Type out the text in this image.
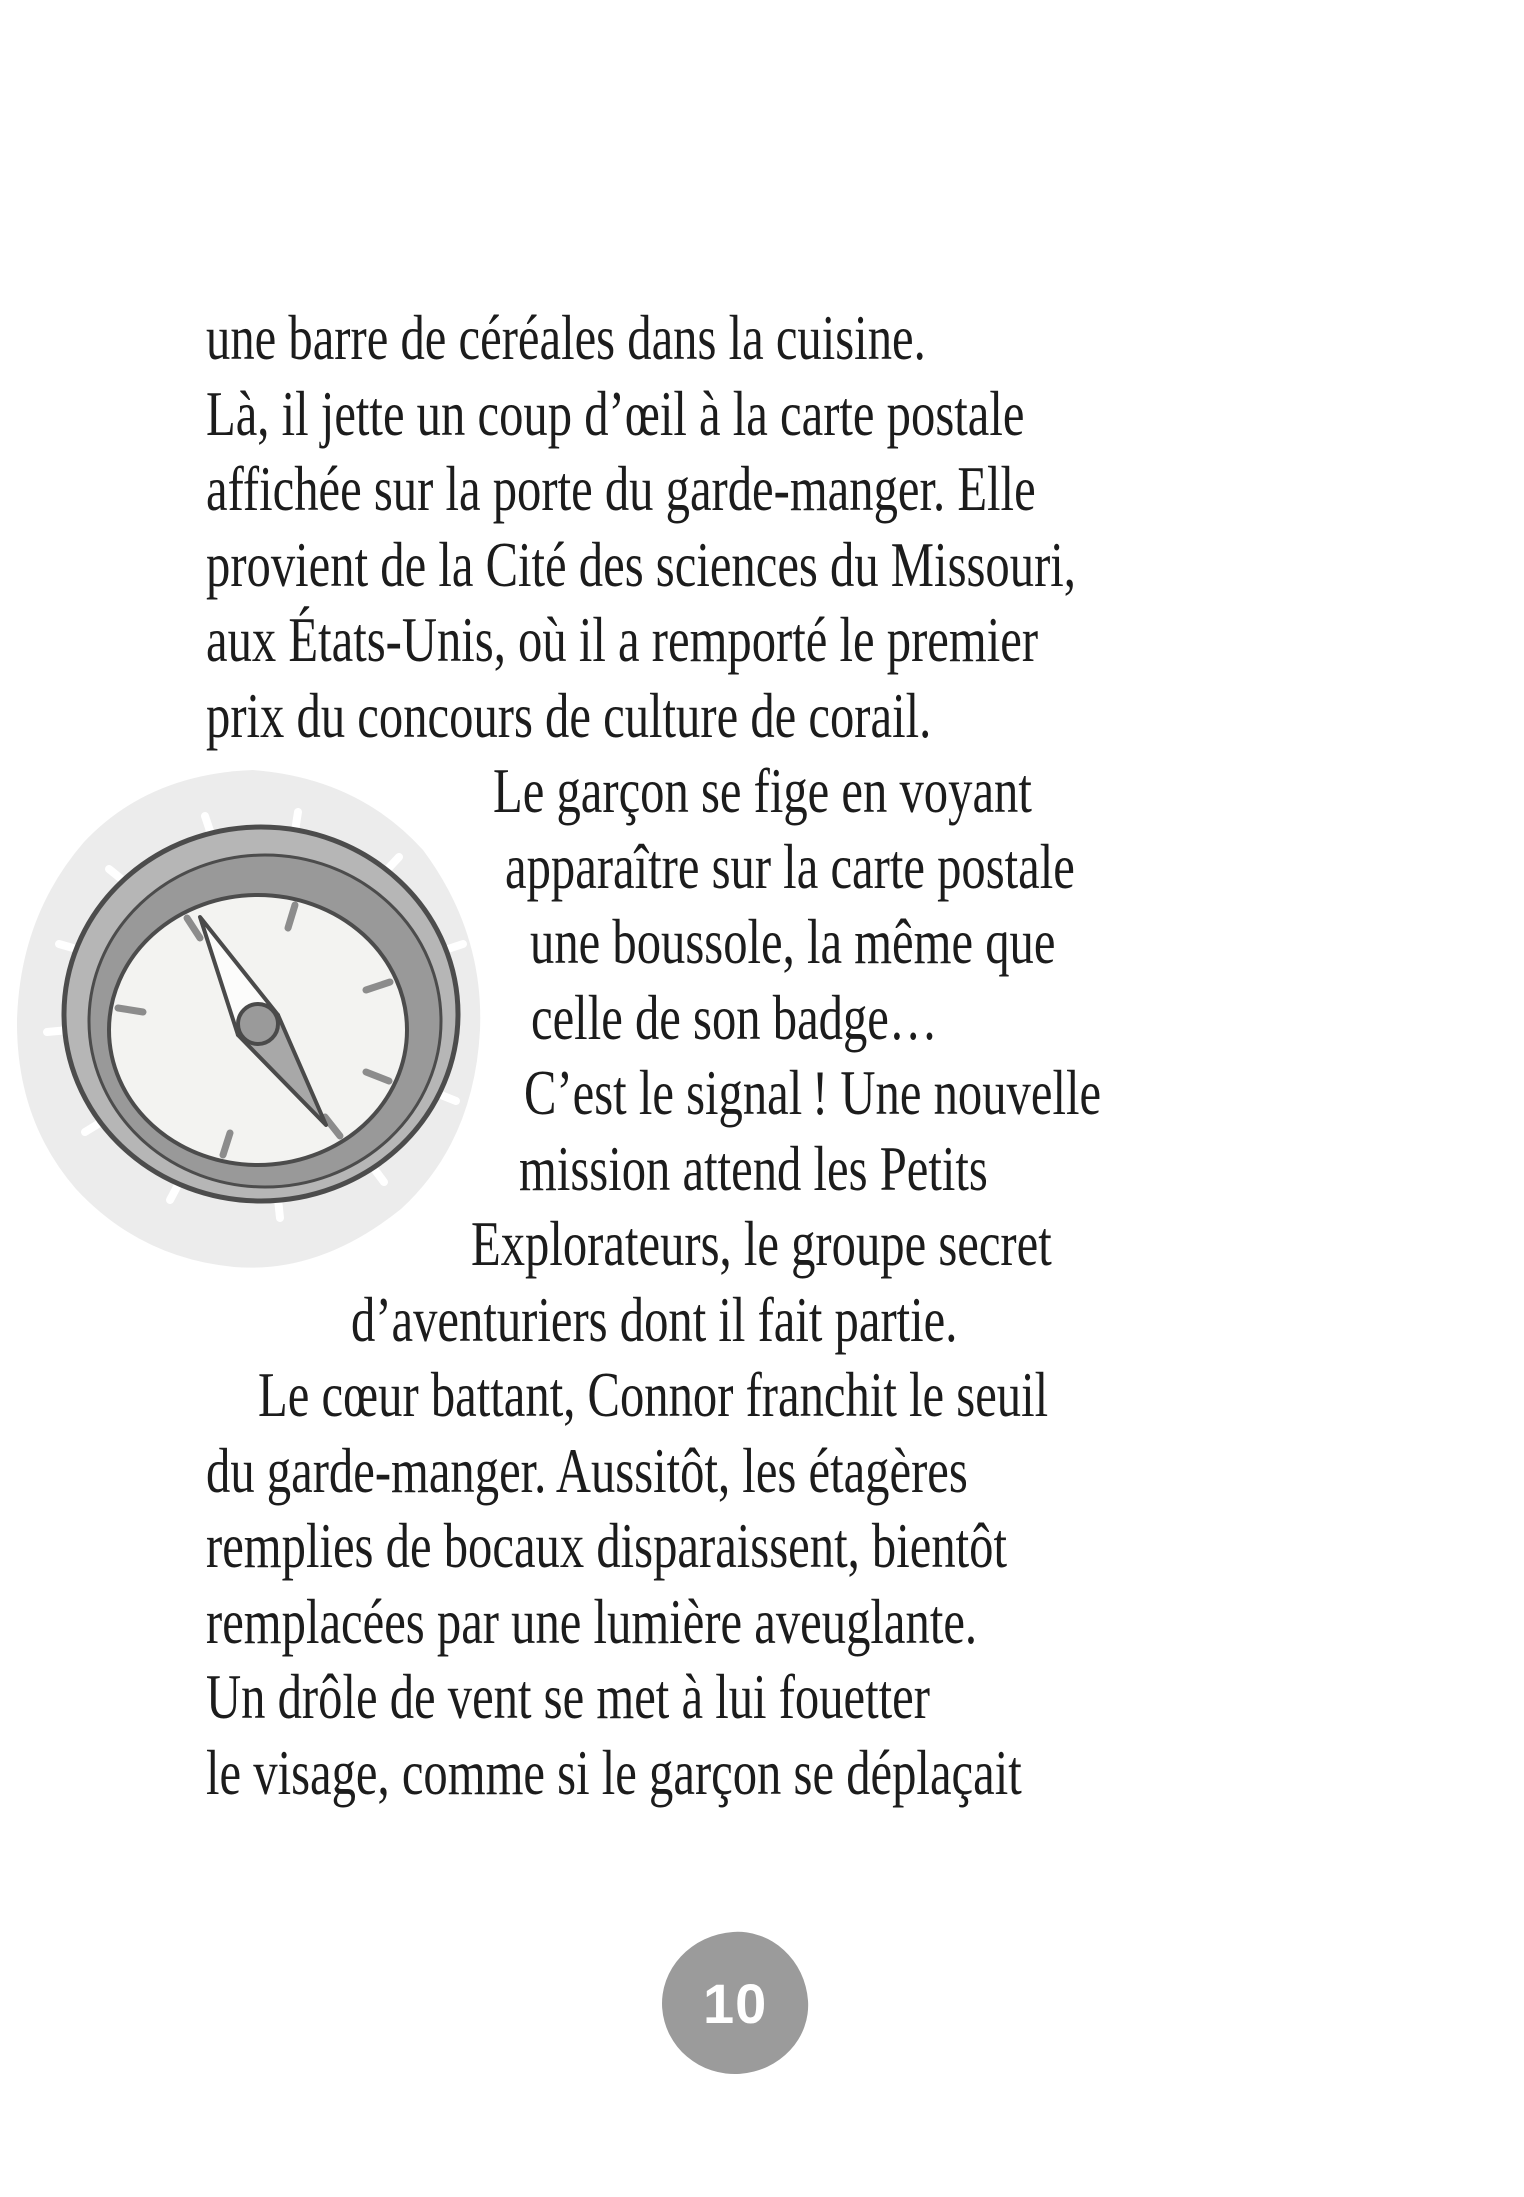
une barre de céréales dans la cuisine.
Là, il jette un coup d’œil à la carte postale
affichée sur la porte du garde-manger. Elle
provient de la Cité des sciences du Missouri,
aux États-Unis, où il a remporté le premier
prix du concours de culture de corail.
Le garçon se fige en voyant
apparaître sur la carte postale
une boussole, la même que
celle de son badge…
C’est le signal ! Une nouvelle
mission attend les Petits
Explorateurs, le groupe secret
d’aventuriers dont il fait partie.
Le cœur battant, Connor franchit le seuil
du garde-manger. Aussitôt, les étagères
remplies de bocaux disparaissent, bientôt
remplacées par une lumière aveuglante.
Un drôle de vent se met à lui fouetter
le visage, comme si le garçon se déplaçait
10
